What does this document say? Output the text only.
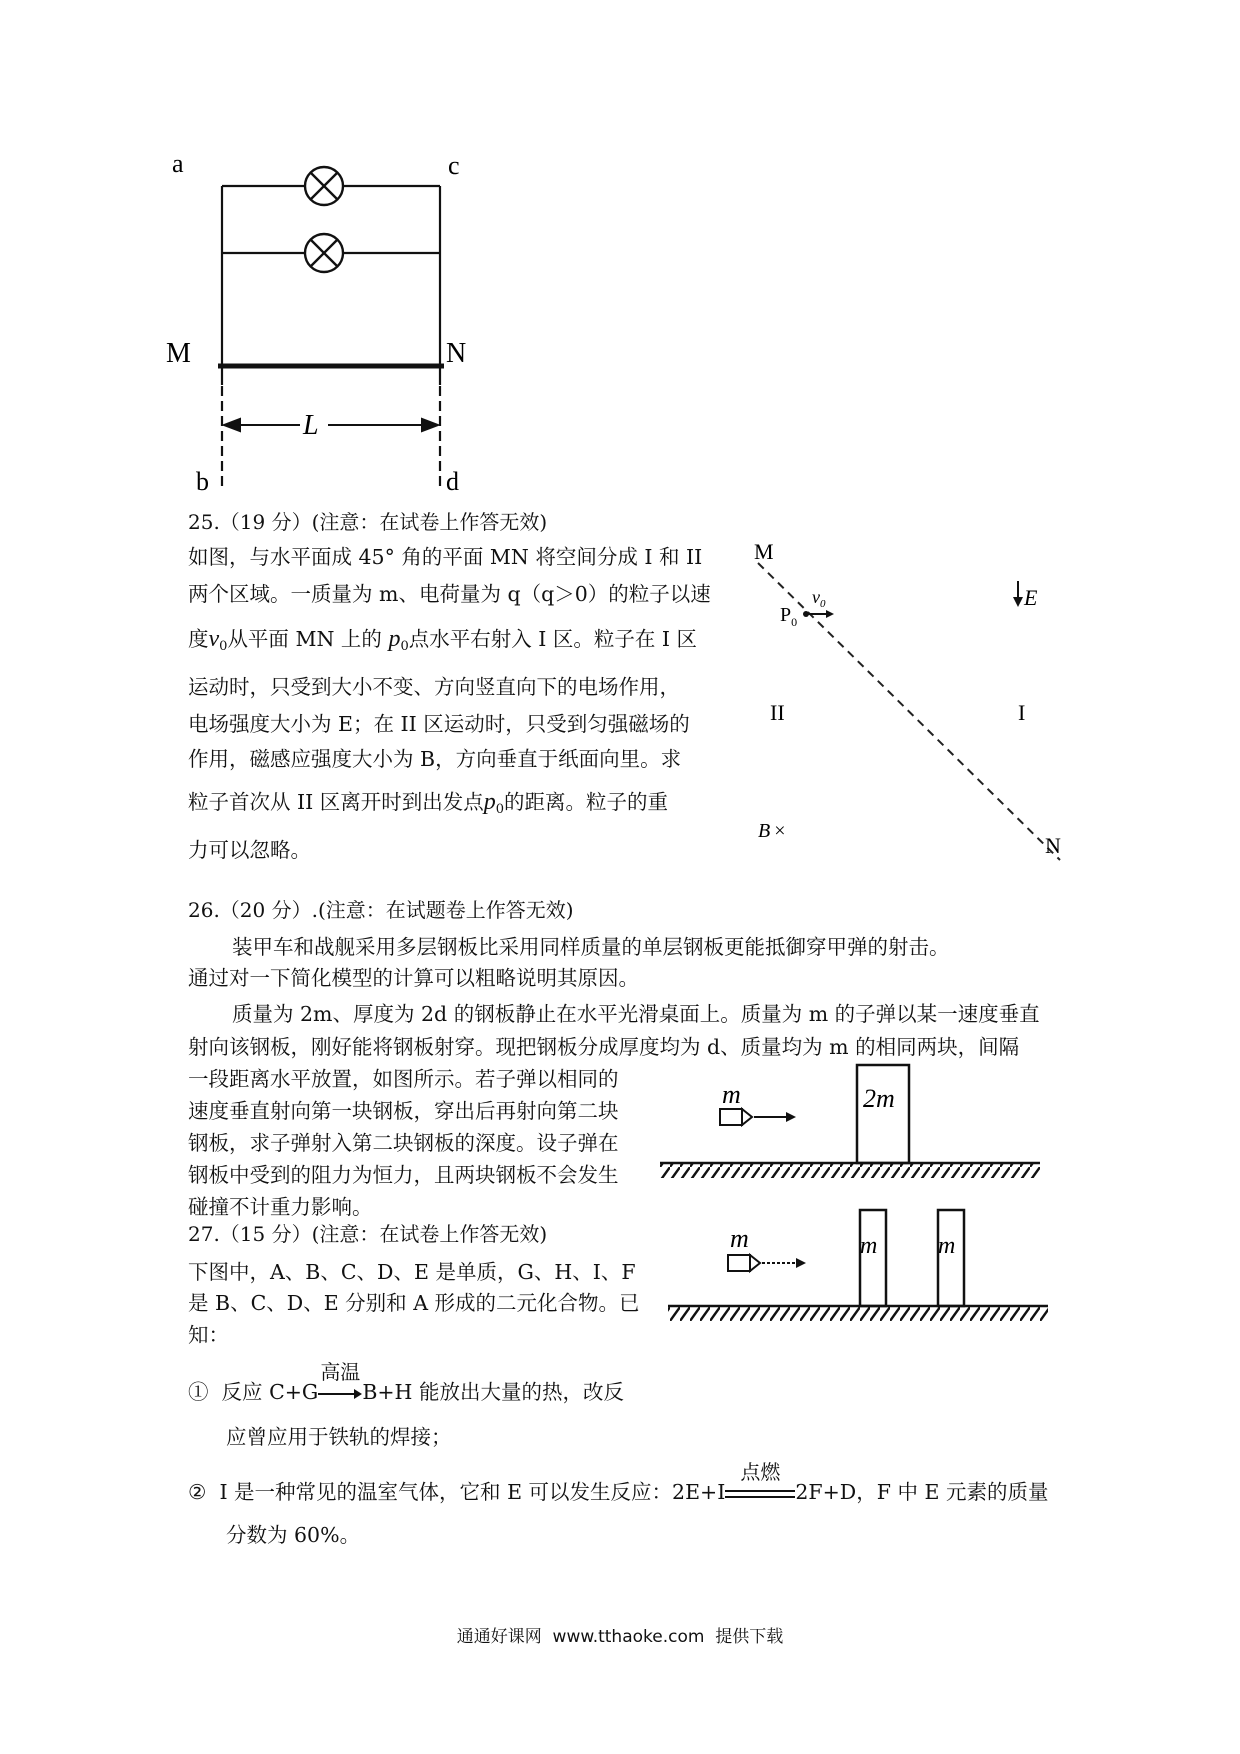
a	c
M	N
L
b	d
25.（19 分）(注意：在试卷上作答无效)
如图，与水平面成 45° 角的平面 MN 将空间分成 I 和 II
两个区域。一质量为 m、电荷量为 q（q＞0）的粒子以速
度$v_0$从平面 MN 上的 $p_0$点水平右射入 I 区。粒子在 I 区
运动时，只受到大小不变、方向竖直向下的电场作用，
电场强度大小为 E；在 II 区运动时，只受到匀强磁场的
作用，磁感应强度大小为 B，方向垂直于纸面向里。求
粒子首次从 II 区离开时到出发点$p_0$的距离。粒子的重
力可以忽略。
M
N
E
$P_0$
$v_0$
II	I
B ×
26.（20 分）.(注意：在试题卷上作答无效)
装甲车和战舰采用多层钢板比采用同样质量的单层钢板更能抵御穿甲弹的射击。
通过对一下简化模型的计算可以粗略说明其原因。
质量为 2m、厚度为 2d 的钢板静止在水平光滑桌面上。质量为 m 的子弹以某一速度垂直
射向该钢板，刚好能将钢板射穿。现把钢板分成厚度均为 d、质量均为 m 的相同两块，间隔
一段距离水平放置，如图所示。若子弹以相同的
速度垂直射向第一块钢板，穿出后再射向第二块
钢板，求子弹射入第二块钢板的深度。设子弹在
钢板中受到的阻力为恒力，且两块钢板不会发生
碰撞不计重力影响。
m	2m
m	m	m
27.（15 分）(注意：在试卷上作答无效)
下图中，A、B、C、D、E 是单质，G、H、I、F
是 B、C、D、E 分别和 A 形成的二元化合物。已
知：
① 反应 C+G
高温
B+H 能放出大量的热，改反
应曾应用于铁轨的焊接；
② I 是一种常见的温室气体，它和 E 可以发生反应：2E+I
点燃
2F+D，F 中 E 元素的质量
分数为 60%。
通通好课网  www.tthaoke.com  提供下载
